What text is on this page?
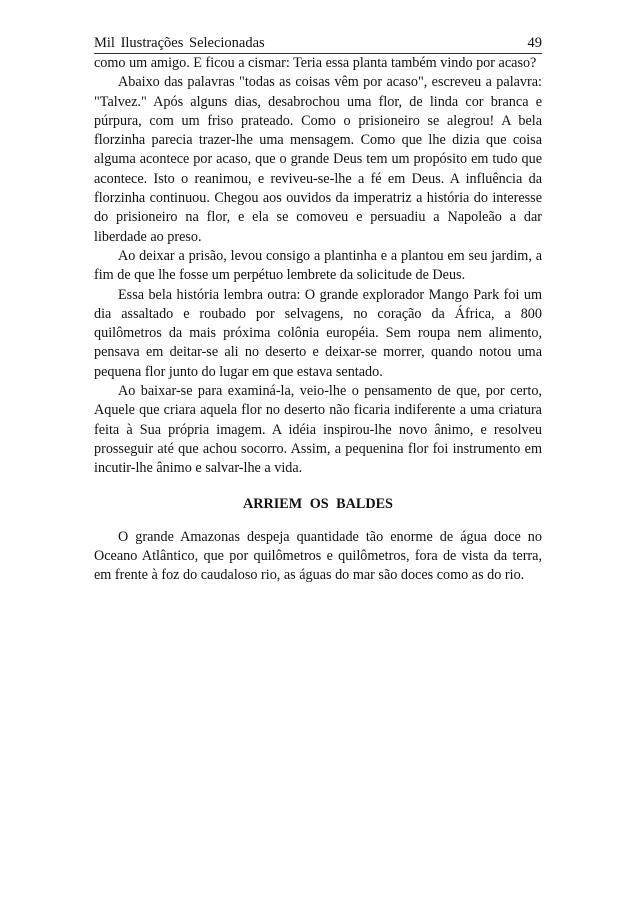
Mil Ilustrações Selecionadas	49

como um amigo. E ficou a cismar: Teria essa planta também vindo por acaso?

Abaixo das palavras "todas as coisas vêm por acaso", escreveu a palavra: "Talvez." Após alguns dias, desabrochou uma flor, de linda cor branca e púrpura, com um friso prateado. Como o prisioneiro se alegrou! A bela florzinha parecia trazer-lhe uma mensagem. Como que lhe dizia que coisa alguma acontece por acaso, que o grande Deus tem um propósito em tudo que acontece. Isto o reanimou, e reviveu-se-lhe a fé em Deus. A influência da florzinha continuou. Chegou aos ouvidos da imperatriz a história do interesse do prisioneiro na flor, e ela se comoveu e persuadiu a Napoleão a dar liberdade ao preso.

Ao deixar a prisão, levou consigo a plantinha e a plantou em seu jardim, a fim de que lhe fosse um perpétuo lembrete da solicitude de Deus.

Essa bela história lembra outra: O grande explorador Mango Park foi um dia assaltado e roubado por selvagens, no coração da África, a 800 quilômetros da mais próxima colônia européia. Sem roupa nem alimento, pensava em deitar-se ali no deserto e deixar-se morrer, quando notou uma pequena flor junto do lugar em que estava sentado.

Ao baixar-se para examiná-la, veio-lhe o pensamento de que, por certo, Aquele que criara aquela flor no deserto não ficaria indiferente a uma criatura feita à Sua própria imagem. A idéia inspirou-lhe novo ânimo, e resolveu prosseguir até que achou socorro. Assim, a pequenina flor foi instrumento em incutir-lhe ânimo e salvar-lhe a vida.

ARRIEM OS BALDES

O grande Amazonas despeja quantidade tão enorme de água doce no Oceano Atlântico, que por quilômetros e quilômetros, fora de vista da terra, em frente à foz do caudaloso rio, as águas do mar são doces como as do rio.
